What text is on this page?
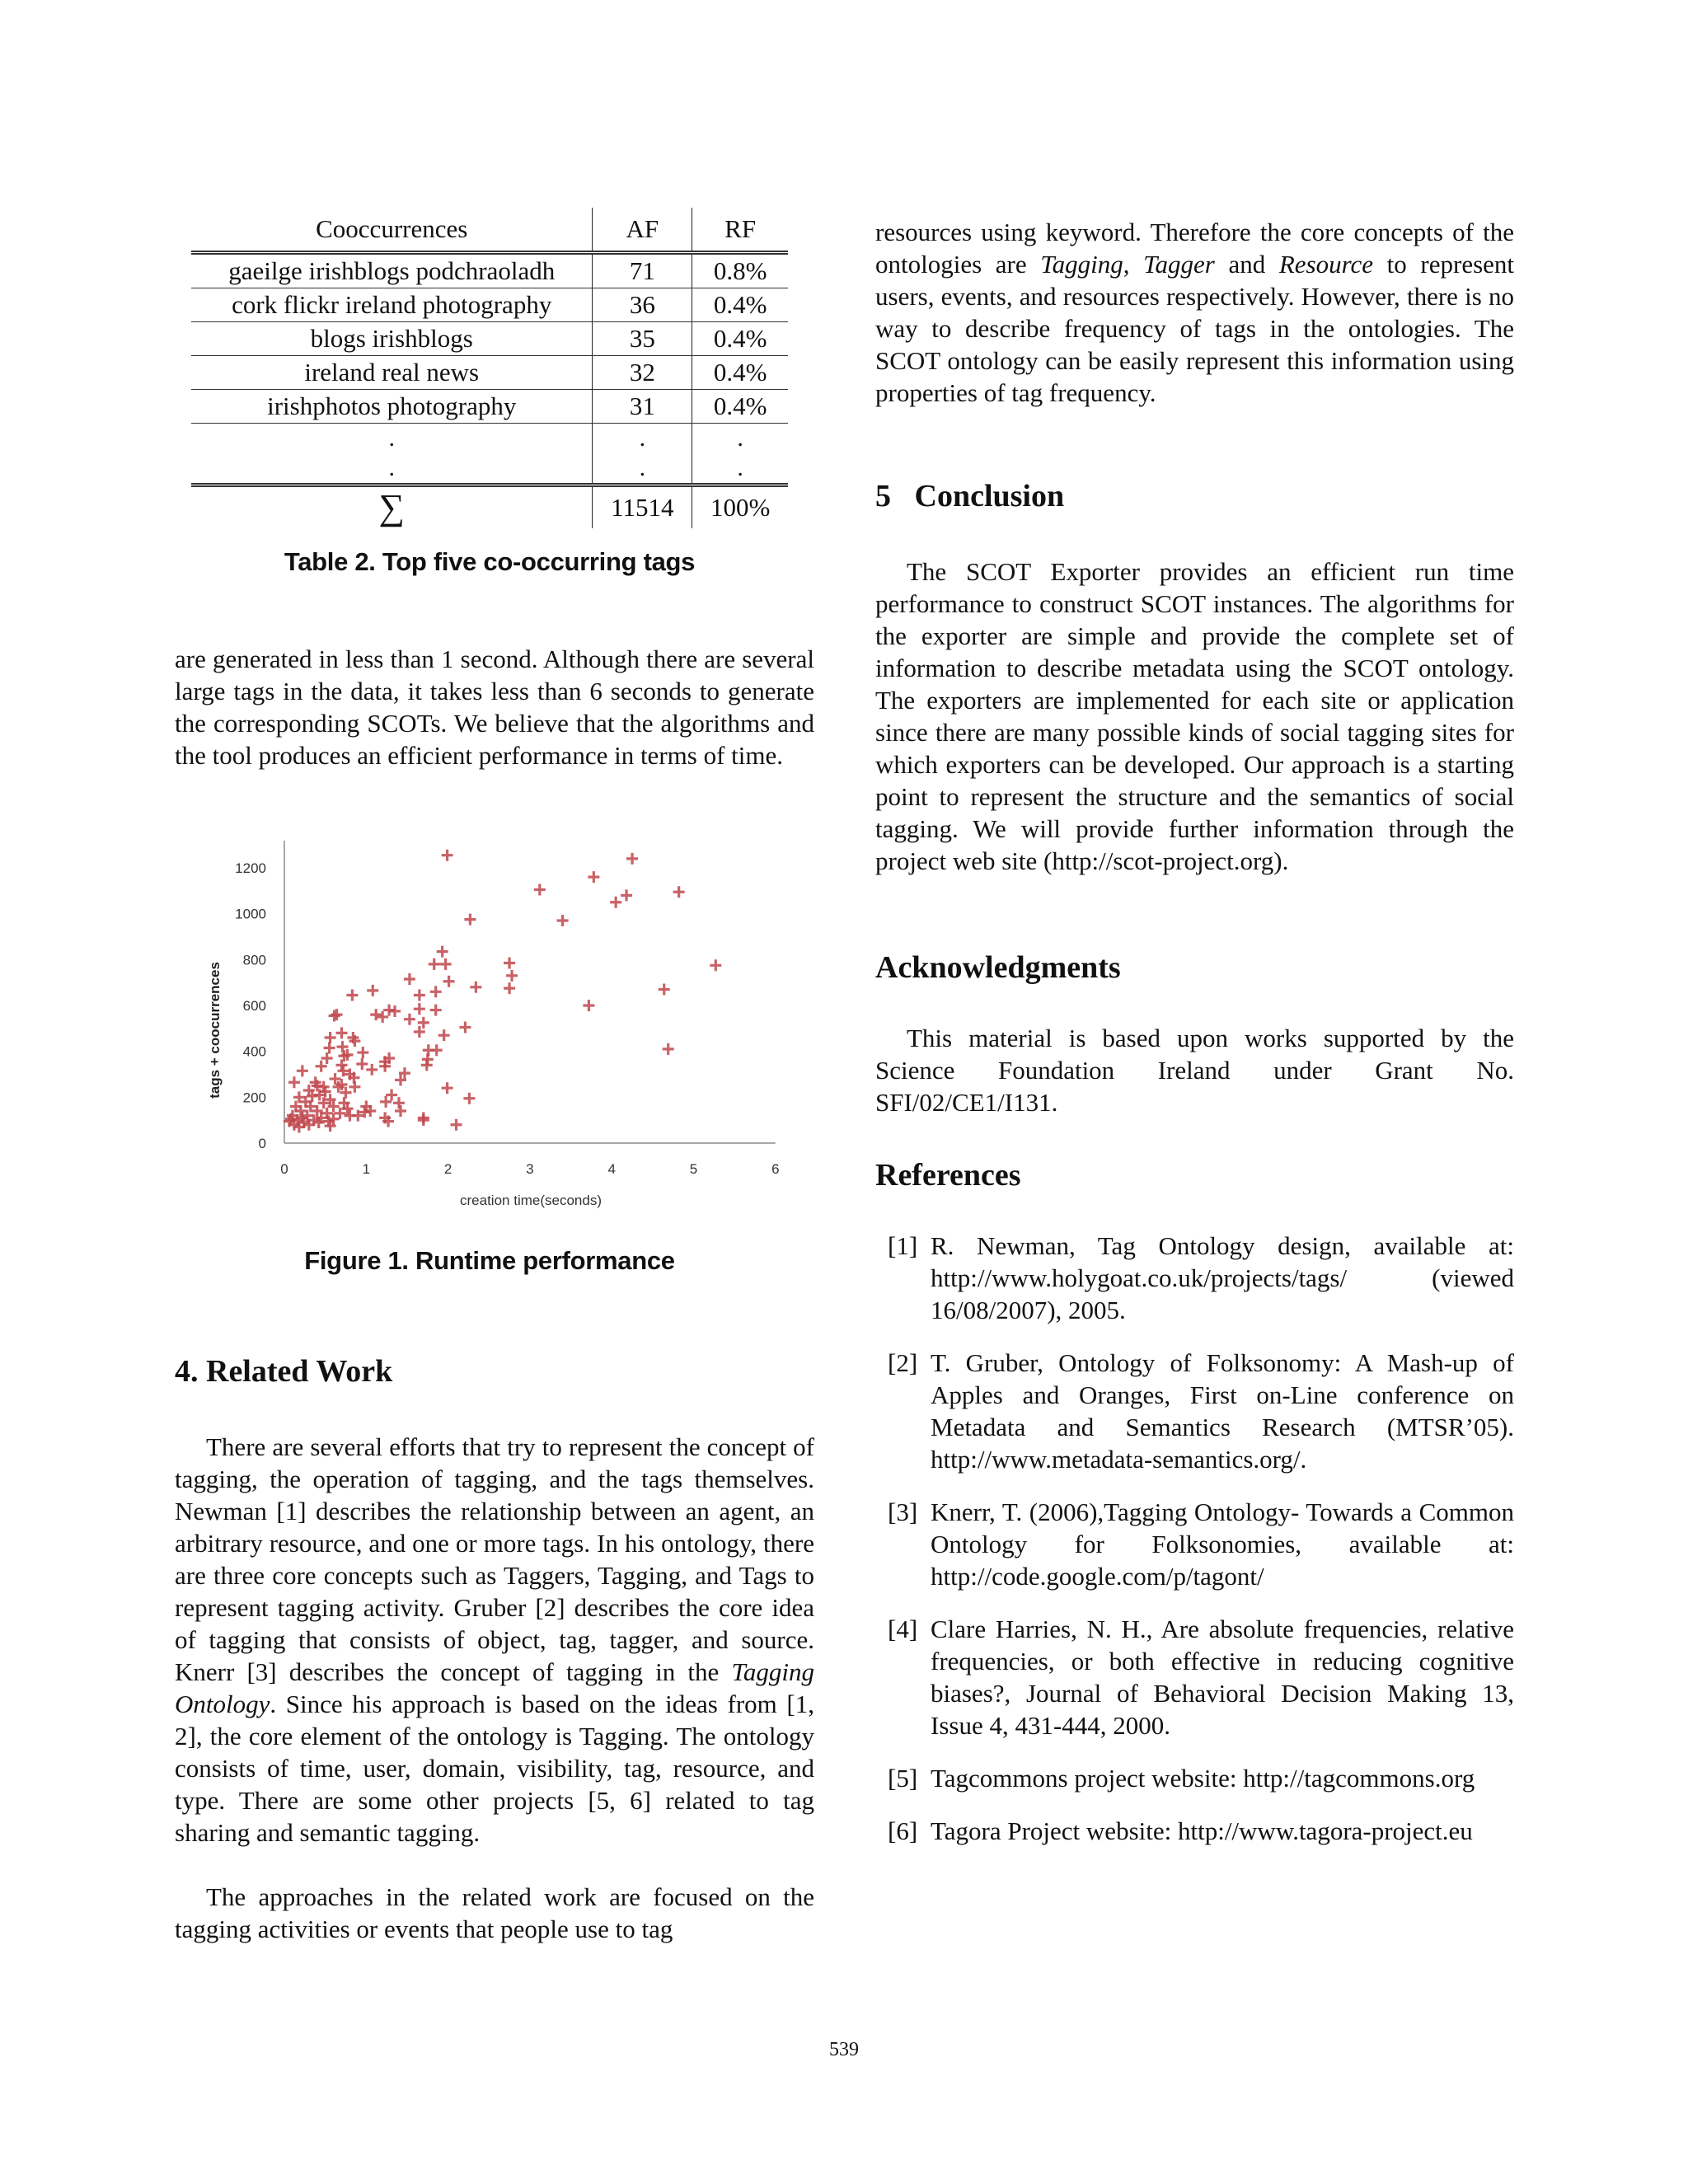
Cooccurrences	AF	RF
gaeilge irishblogs podchraoladh	71	0.8%
cork flickr ireland photography	36	0.4%
blogs irishblogs	35	0.4%
ireland real news	32	0.4%
irishphotos photography	31	0.4%
.	.	.
.	.	.
∑	11514	100%
Table 2. Top five co-occurring tags
are generated in less than 1 second. Although there are several large tags in the data, it takes less than 6 seconds to generate the corresponding SCOTs. We believe that the algorithms and the tool produces an efficient performance in terms of time.
0
200
400
600
800
1000
1200
0	1	2	3	4	5	6
tags + coocurrences
creation time(seconds)
Figure 1. Runtime performance
4. Related Work
There are several efforts that try to represent the concept of tagging, the operation of tagging, and the tags themselves. Newman [1] describes the relationship between an agent, an arbitrary resource, and one or more tags. In his ontology, there are three core concepts such as Taggers, Tagging, and Tags to represent tagging activity. Gruber [2] describes the core idea of tagging that consists of object, tag, tagger, and source. Knerr [3] describes the concept of tagging in the Tagging Ontology. Since his approach is based on the ideas from [1, 2], the core element of the ontology is Tagging. The ontology consists of time, user, domain, visibility, tag, resource, and type. There are some other projects [5, 6] related to tag sharing and semantic tagging.
The approaches in the related work are focused on the tagging activities or events that people use to tag
resources using keyword. Therefore the core concepts of the ontologies are Tagging, Tagger and Resource to represent users, events, and resources respectively. However, there is no way to describe frequency of tags in the ontologies. The SCOT ontology can be easily represent this information using properties of tag frequency.
5   Conclusion
The SCOT Exporter provides an efficient run time performance to construct SCOT instances. The algorithms for the exporter are simple and provide the complete set of information to describe metadata using the SCOT ontology. The exporters are implemented for each site or application since there are many possible kinds of social tagging sites for which exporters can be developed. Our approach is a starting point to represent the structure and the semantics of social tagging. We will provide further information through the project web site (http://scot-project.org).
Acknowledgments
This material is based upon works supported by the Science Foundation Ireland under Grant No. SFI/02/CE1/I131.
References
[1] R. Newman, Tag Ontology design, available at: http://www.holygoat.co.uk/projects/tags/ (viewed 16/08/2007), 2005.
[2] T. Gruber, Ontology of Folksonomy: A Mash-up of Apples and Oranges, First on-Line conference on Metadata and Semantics Research (MTSR’05). http://www.metadata-semantics.org/.
[3] Knerr, T. (2006),Tagging Ontology- Towards a Common Ontology for Folksonomies, available at: http://code.google.com/p/tagont/
[4] Clare Harries, N. H., Are absolute frequencies, relative frequencies, or both effective in reducing cognitive biases?, Journal of Behavioral Decision Making 13, Issue 4, 431-444, 2000.
[5] Tagcommons project website: http://tagcommons.org
[6] Tagora Project website: http://www.tagora-project.eu
539
